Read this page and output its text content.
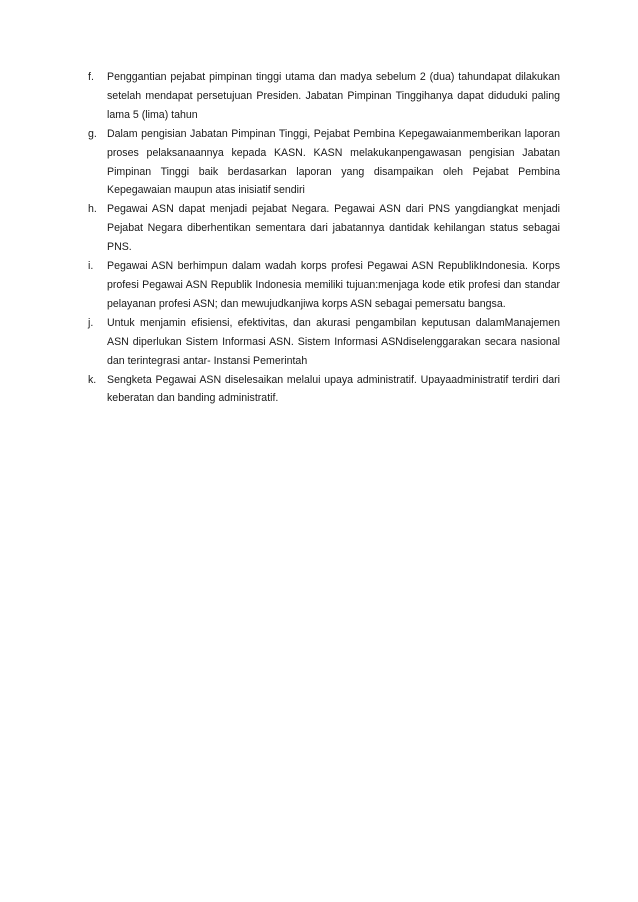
f.	Penggantian pejabat pimpinan tinggi utama dan madya sebelum 2 (dua) tahundapat dilakukan setelah mendapat persetujuan Presiden. Jabatan Pimpinan Tinggihanya dapat diduduki paling lama 5 (lima) tahun
g. Dalam pengisian Jabatan Pimpinan Tinggi, Pejabat Pembina Kepegawaianmemberikan laporan proses pelaksanaannya kepada KASN. KASN melakukanpengawasan pengisian Jabatan Pimpinan Tinggi baik berdasarkan laporan yang disampaikan oleh Pejabat Pembina Kepegawaian maupun atas inisiatif sendiri
h. Pegawai ASN dapat menjadi pejabat Negara. Pegawai ASN dari PNS yangdiangkat menjadi Pejabat Negara diberhentikan sementara dari jabatannya dantidak kehilangan status sebagai PNS.
i.	Pegawai ASN berhimpun dalam wadah korps profesi Pegawai ASN RepublikIndonesia. Korps profesi Pegawai ASN Republik Indonesia memiliki tujuan:menjaga kode etik profesi dan standar pelayanan profesi ASN; dan mewujudkanjiwa korps ASN sebagai pemersatu bangsa.
j.	Untuk menjamin efisiensi, efektivitas, dan akurasi pengambilan keputusan dalamManajemen ASN diperlukan Sistem Informasi ASN. Sistem Informasi ASNdiselenggarakan secara nasional dan terintegrasi antar- Instansi Pemerintah
k.	Sengketa Pegawai ASN diselesaikan melalui upaya administratif. Upayaadministratif terdiri dari keberatan dan banding administratif.
